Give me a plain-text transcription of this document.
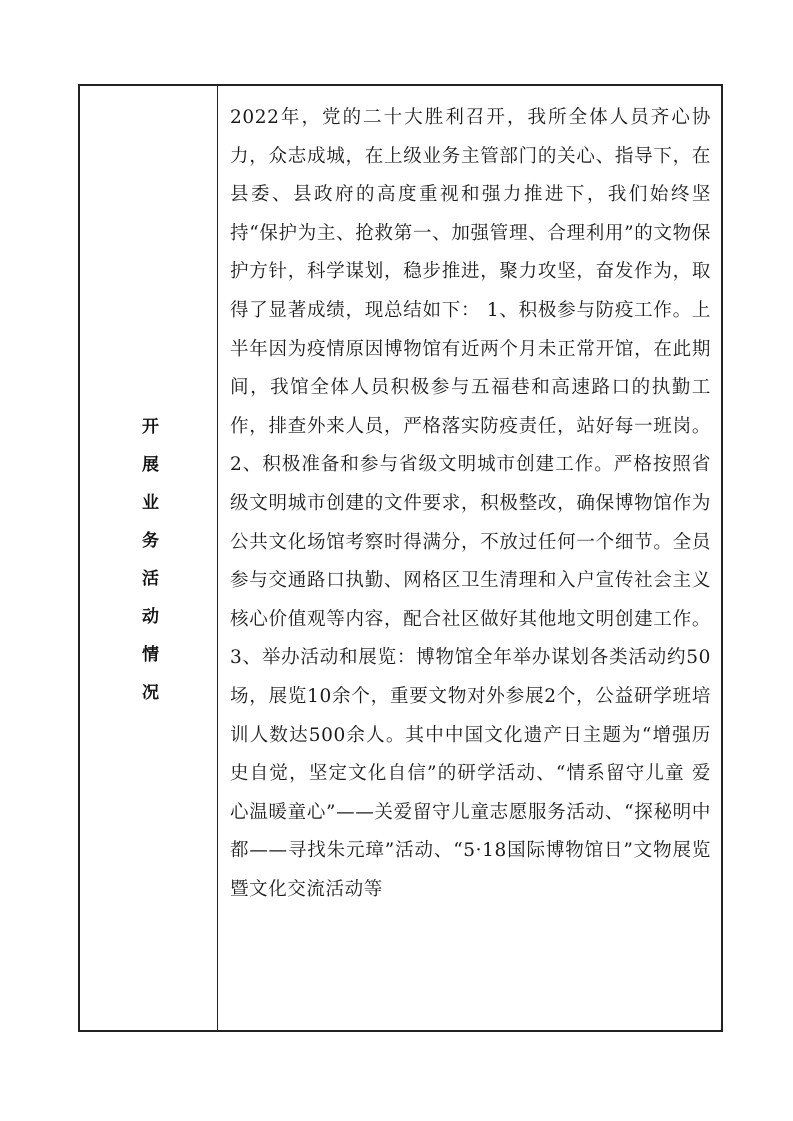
开展业务活动情况

2022年，党的二十大胜利召开，我所全体人员齐心协力，众志成城，在上级业务主管部门的关心、指导下，在县委、县政府的高度重视和强力推进下，我们始终坚持“保护为主、抢救第一、加强管理、合理利用”的文物保护方针，科学谋划，稳步推进，聚力攻坚，奋发作为，取得了显著成绩，现总结如下： 1、积极参与防疫工作。上半年因为疫情原因博物馆有近两个月未正常开馆，在此期间，我馆全体人员积极参与五福巷和高速路口的执勤工作，排查外来人员，严格落实防疫责任，站好每一班岗。 2、积极准备和参与省级文明城市创建工作。严格按照省级文明城市创建的文件要求，积极整改，确保博物馆作为公共文化场馆考察时得满分，不放过任何一个细节。全员参与交通路口执勤、网格区卫生清理和入户宣传社会主义核心价值观等内容，配合社区做好其他地文明创建工作。3、举办活动和展览：博物馆全年举办谋划各类活动约50场，展览10余个，重要文物对外参展2个，公益研学班培训人数达500余人。其中中国文化遗产日主题为“增强历史自觉，坚定文化自信”的研学活动、“情系留守儿童 爱心温暖童心”——关爱留守儿童志愿服务活动、“探秘明中都——寻找朱元璋”活动、“5·18国际博物馆日”文物展览暨文化交流活动等
